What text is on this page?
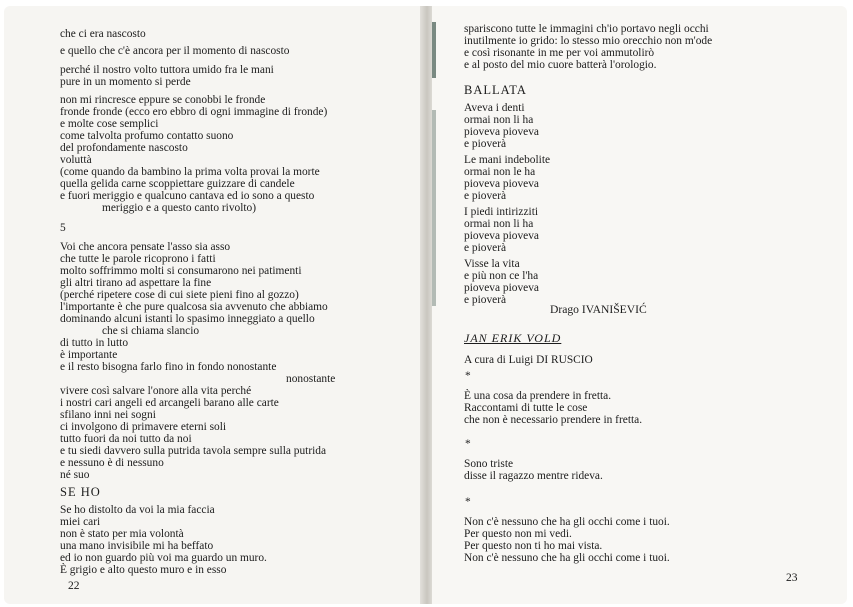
che ci era nascosto
e quello che c'è ancora per il momento di nascosto
perché il nostro volto tuttora umido fra le mani
pure in un momento si perde
non mi rincresce eppure se conobbi le fronde
fronde fronde (ecco ero ebbro di ogni immagine di fronde)
e molte cose semplici
come talvolta profumo contatto suono
del profondamente nascosto
voluttà
(come quando da bambino la prima volta provai la morte
quella gelida carne scoppiettare guizzare di candele
e fuori meriggio e qualcuno cantava ed io sono a questo
meriggio e a questo canto rivolto)
5
Voi che ancora pensate l'asso sia asso
che tutte le parole ricoprono i fatti
molto soffrimmo molti si consumarono nei patimenti
gli altri tirano ad aspettare la fine
(perché ripetere cose di cui siete pieni fino al gozzo)
l'importante è che pure qualcosa sia avvenuto che abbiamo
dominando alcuni istanti lo spasimo inneggiato a quello
che si chiama slancio
di tutto in lutto
è importante
e il resto bisogna farlo fino in fondo nonostante
nonostante
vivere così salvare l'onore alla vita perché
i nostri cari angeli ed arcangeli barano alle carte
sfilano inni nei sogni
ci involgono di primavere eterni soli
tutto fuori da noi tutto da noi
e tu siedi davvero sulla putrida tavola sempre sulla putrida
e nessuno è di nessuno
né suo
SE HO
Se ho distolto da voi la mia faccia
miei cari
non è stato per mia volontà
una mano invisibile mi ha beffato
ed io non guardo più voi ma guardo un muro.
È grigio e alto questo muro e in esso
22
spariscono tutte le immagini ch'io portavo negli occhi
inutilmente io grido: lo stesso mio orecchio non m'ode
e così risonante in me per voi ammutolirò
e al posto del mio cuore batterà l'orologio.
BALLATA
Aveva i denti
ormai non li ha
pioveva pioveva
e pioverà
Le mani indebolite
ormai non le ha
pioveva pioveva
e pioverà
I piedi intirizziti
ormai non li ha
pioveva pioveva
e pioverà
Visse la vita
e più non ce l'ha
pioveva pioveva
e pioverà
Drago IVANIŠEVIĆ
JAN ERIK VOLD
A cura di Luigi DI RUSCIO
*
È una cosa da prendere in fretta.
Raccontami di tutte le cose
che non è necessario prendere in fretta.
*
Sono triste
disse il ragazzo mentre rideva.
*
Non c'è nessuno che ha gli occhi come i tuoi.
Per questo non mi vedi.
Per questo non ti ho mai vista.
Non c'è nessuno che ha gli occhi come i tuoi.
23
